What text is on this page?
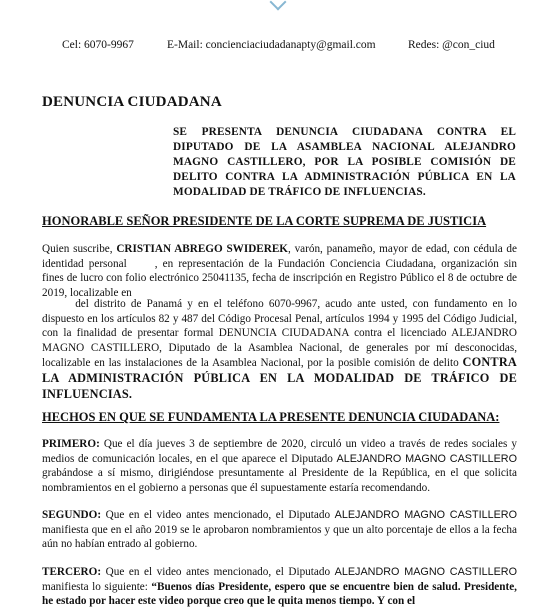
Cel: 6070-9967	E-Mail: concienciaciudadanapty@gmail.com	Redes: @con_ciud
DENUNCIA CIUDADANA
SE PRESENTA DENUNCIA CIUDADANA CONTRA EL DIPUTADO DE LA ASAMBLEA NACIONAL ALEJANDRO MAGNO CASTILLERO, POR LA POSIBLE COMISIÓN DE DELITO CONTRA LA ADMINISTRACIÓN PÚBLICA EN LA MODALIDAD DE TRÁFICO DE INFLUENCIAS.
HONORABLE SEÑOR PRESIDENTE DE LA CORTE SUPREMA DE JUSTICIA
Quien suscribe, CRISTIAN ABREGO SWIDEREK, varón, panameño, mayor de edad, con cédula de identidad personal	, en representación de la Fundación Conciencia Ciudadana, organización sin fines de lucro con folio electrónico 25041135, fecha de inscripción en Registro Público el 8 de octubre de 2019, localizable en
del distrito de Panamá y en el teléfono 6070-9967, acudo ante usted, con fundamento en lo dispuesto en los artículos 82 y 487 del Código Procesal Penal, artículos 1994 y 1995 del Código Judicial, con la finalidad de presentar formal DENUNCIA CIUDADANA contra el licenciado ALEJANDRO MAGNO CASTILLERO, Diputado de la Asamblea Nacional, de generales por mí desconocidas, localizable en las instalaciones de la Asamblea Nacional, por la posible comisión de delito CONTRA LA ADMINISTRACIÓN PÚBLICA EN LA MODALIDAD DE TRÁFICO DE INFLUENCIAS.
HECHOS EN QUE SE FUNDAMENTA LA PRESENTE DENUNCIA CIUDADANA:
PRIMERO: Que el día jueves 3 de septiembre de 2020, circuló un video a través de redes sociales y medios de comunicación locales, en el que aparece el Diputado ALEJANDRO MAGNO CASTILLERO grabándose a sí mismo, dirigiéndose presuntamente al Presidente de la República, en el que solicita nombramientos en el gobierno a personas que él supuestamente estaría recomendando.
SEGUNDO: Que en el video antes mencionado, el Diputado ALEJANDRO MAGNO CASTILLERO manifiesta que en el año 2019 se le aprobaron nombramientos y que un alto porcentaje de ellos a la fecha aún no habían entrado al gobierno.
TERCERO: Que en el video antes mencionado, el Diputado ALEJANDRO MAGNO CASTILLERO manifiesta lo siguiente: “Buenos días Presidente, espero que se encuentre bien de salud. Presidente, he estado por hacer este video porque creo que le quita menos tiempo. Y con el
